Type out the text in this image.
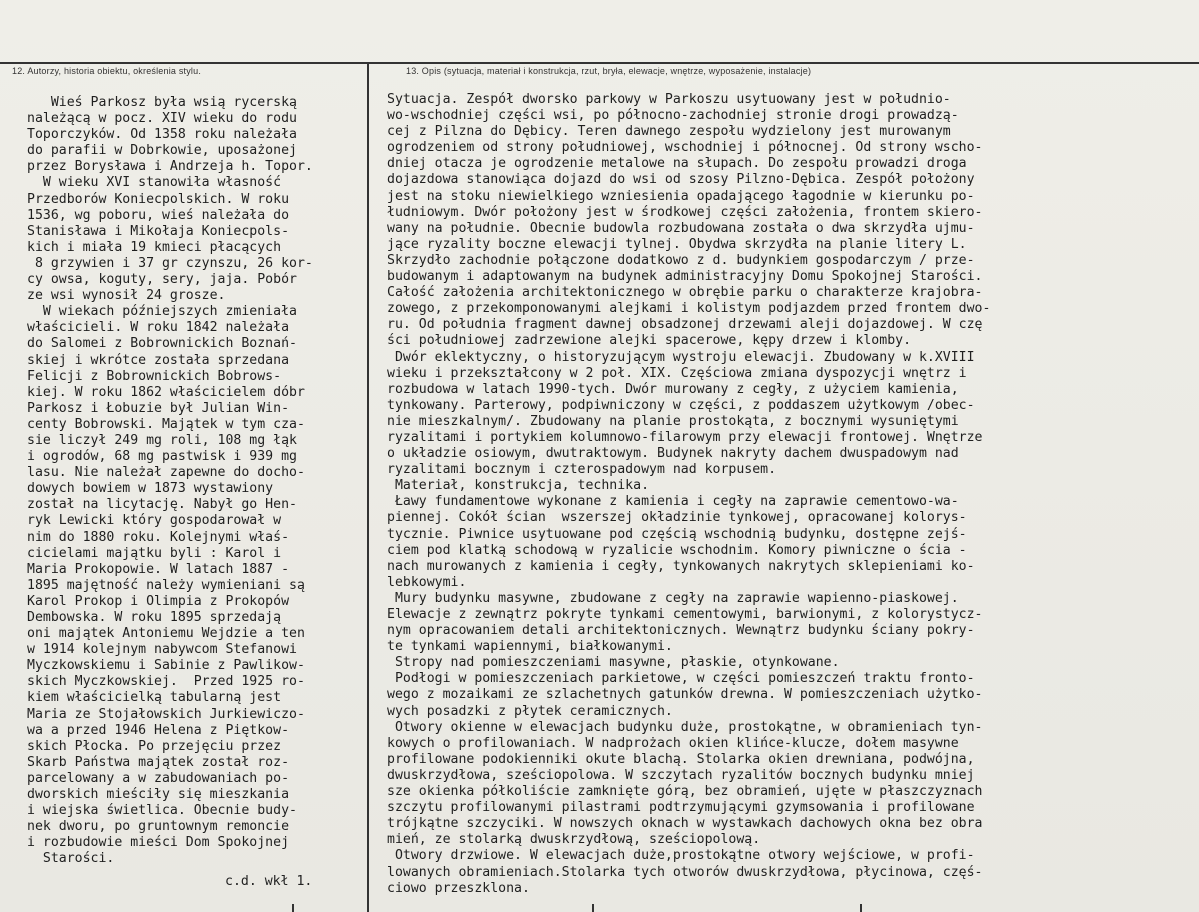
12. Autorzy, historia obiektu, określenia stylu.	13. Opis (sytuacja, materiał i konstrukcja, rzut, bryła, elewacje, wnętrze, wyposażenie, instalacje)
Wieś Parkosz była wsią rycerską
należącą w pocz. XIV wieku do rodu
Toporczyków. Od 1358 roku należała
do parafii w Dobrkowie, uposażonej
przez Borysława i Andrzeja h. Topor.
W wieku XVI stanowiła własność
Przedborów Koniecpolskich. W roku
1536, wg poboru, wieś należała do
Stanisława i Mikołaja Koniecpols-
kich i miała 19 kmieci płacących
8 grzywien i 37 gr czynszu, 26 kor-
cy owsa, koguty, sery, jaja. Pobór
ze wsi wynosił 24 grosze.
W wiekach późniejszych zmieniała
właścicieli. W roku 1842 należała
do Salomei z Bobrownickich Boznań-
skiej i wkrótce została sprzedana
Felicji z Bobrownickich Bobrows-
kiej. W roku 1862 właścicielem dóbr
Parkosz i Łobuzie był Julian Win-
centy Bobrowski. Majątek w tym cza-
sie liczył 249 mg roli, 108 mg łąk
i ogrodów, 68 mg pastwisk i 939 mg
lasu. Nie należał zapewne do docho-
dowych bowiem w 1873 wystawiony
został na licytację. Nabył go Hen-
ryk Lewicki który gospodarował w
nim do 1880 roku. Kolejnymi właś-
cicielami majątku byli : Karol i
Maria Prokopowie. W latach 1887 -
1895 majętność należy wymieniani są
Karol Prokop i Olimpia z Prokopów
Dembowska. W roku 1895 sprzedają
oni majątek Antoniemu Wejdzie a ten
w 1914 kolejnym nabywcom Stefanowi
Myczkowskiemu i Sabinie z Pawlikow-
skich Myczkowskiej.  Przed 1925 ro-
kiem właścicielką tabularną jest
Maria ze Stojałowskich Jurkiewiczo-
wa a przed 1946 Helena z Piętkow-
skich Płocka. Po przejęciu przez
Skarb Państwa majątek został roz-
parcelowany a w zabudowaniach po-
dworskich mieściły się mieszkania
i wiejska świetlica. Obecnie budy-
nek dworu, po gruntownym remoncie
i rozbudowie mieści Dom Spokojnej
Starości.
c.d. wkł 1.
Sytuacja. Zespół dworsko parkowy w Parkoszu usytuowany jest w południo-
wo-wschodniej części wsi, po północno-zachodniej stronie drogi prowadzą-
cej z Pilzna do Dębicy. Teren dawnego zespołu wydzielony jest murowanym
ogrodzeniem od strony południowej, wschodniej i północnej. Od strony wscho-
dniej otacza je ogrodzenie metalowe na słupach. Do zespołu prowadzi droga
dojazdowa stanowiąca dojazd do wsi od szosy Pilzno-Dębica. Zespół położony
jest na stoku niewielkiego wzniesienia opadającego łagodnie w kierunku po-
łudniowym. Dwór położony jest w środkowej części założenia, frontem skiero-
wany na południe. Obecnie budowla rozbudowana została o dwa skrzydła ujmu-
jące ryzality boczne elewacji tylnej. Obydwa skrzydła na planie litery L.
Skrzydło zachodnie połączone dodatkowo z d. budynkiem gospodarczym / prze-
budowanym i adaptowanym na budynek administracyjny Domu Spokojnej Starości.
Całość założenia architektonicznego w obrębie parku o charakterze krajobra-
zowego, z przekomponowanymi alejkami i kolistym podjazdem przed frontem dwo-
ru. Od południa fragment dawnej obsadzonej drzewami aleji dojazdowej. W czę
ści południowej zadrzewione alejki spacerowe, kępy drzew i klomby.
Dwór eklektyczny, o historyzującym wystroju elewacji. Zbudowany w k.XVIII
wieku i przekształcony w 2 poł. XIX. Częściowa zmiana dyspozycji wnętrz i
rozbudowa w latach 1990-tych. Dwór murowany z cegły, z użyciem kamienia,
tynkowany. Parterowy, podpiwniczony w części, z poddaszem użytkowym /obec-
nie mieszkalnym/. Zbudowany na planie prostokąta, z bocznymi wysuniętymi
ryzalitami i portykiem kolumnowo-filarowym przy elewacji frontowej. Wnętrze
o układzie osiowym, dwutraktowym. Budynek nakryty dachem dwuspadowym nad
ryzalitami bocznym i czterospadowym nad korpusem.
Materiał, konstrukcja, technika.
Ławy fundamentowe wykonane z kamienia i cegły na zaprawie cementowo-wa-
piennej. Cokół ścian  wszerszej okładzinie tynkowej, opracowanej kolorys-
tycznie. Piwnice usytuowane pod częścią wschodnią budynku, dostępne zejś-
ciem pod klatką schodową w ryzalicie wschodnim. Komory piwniczne o ścia -
nach murowanych z kamienia i cegły, tynkowanych nakrytych sklepieniami ko-
lebkowymi.
Mury budynku masywne, zbudowane z cegły na zaprawie wapienno-piaskowej.
Elewacje z zewnątrz pokryte tynkami cementowymi, barwionymi, z kolorystycz-
nym opracowaniem detali architektonicznych. Wewnątrz budynku ściany pokry-
te tynkami wapiennymi, białkowanymi.
Stropy nad pomieszczeniami masywne, płaskie, otynkowane.
Podłogi w pomieszczeniach parkietowe, w części pomieszczeń traktu fronto-
wego z mozaikami ze szlachetnych gatunków drewna. W pomieszczeniach użytko-
wych posadzki z płytek ceramicznych.
Otwory okienne w elewacjach budynku duże, prostokątne, w obramieniach tyn-
kowych o profilowaniach. W nadprożach okien klińce-klucze, dołem masywne
profilowane podokienniki okute blachą. Stolarka okien drewniana, podwójna,
dwuskrzydłowa, sześciopolowa. W szczytach ryzalitów bocznych budynku mniej
sze okienka półkoliście zamknięte górą, bez obramień, ujęte w płaszczyznach
szczytu profilowanymi pilastrami podtrzymującymi gzymsowania i profilowane
trójkątne szczyciki. W nowszych oknach w wystawkach dachowych okna bez obra
mień, ze stolarką dwuskrzydłową, sześciopolową.
Otwory drzwiowe. W elewacjach duże,prostokątne otwory wejściowe, w profi-
lowanych obramieniach.Stolarka tych otworów dwuskrzydłowa, płycinowa, częś-
ciowo przeszklona.
